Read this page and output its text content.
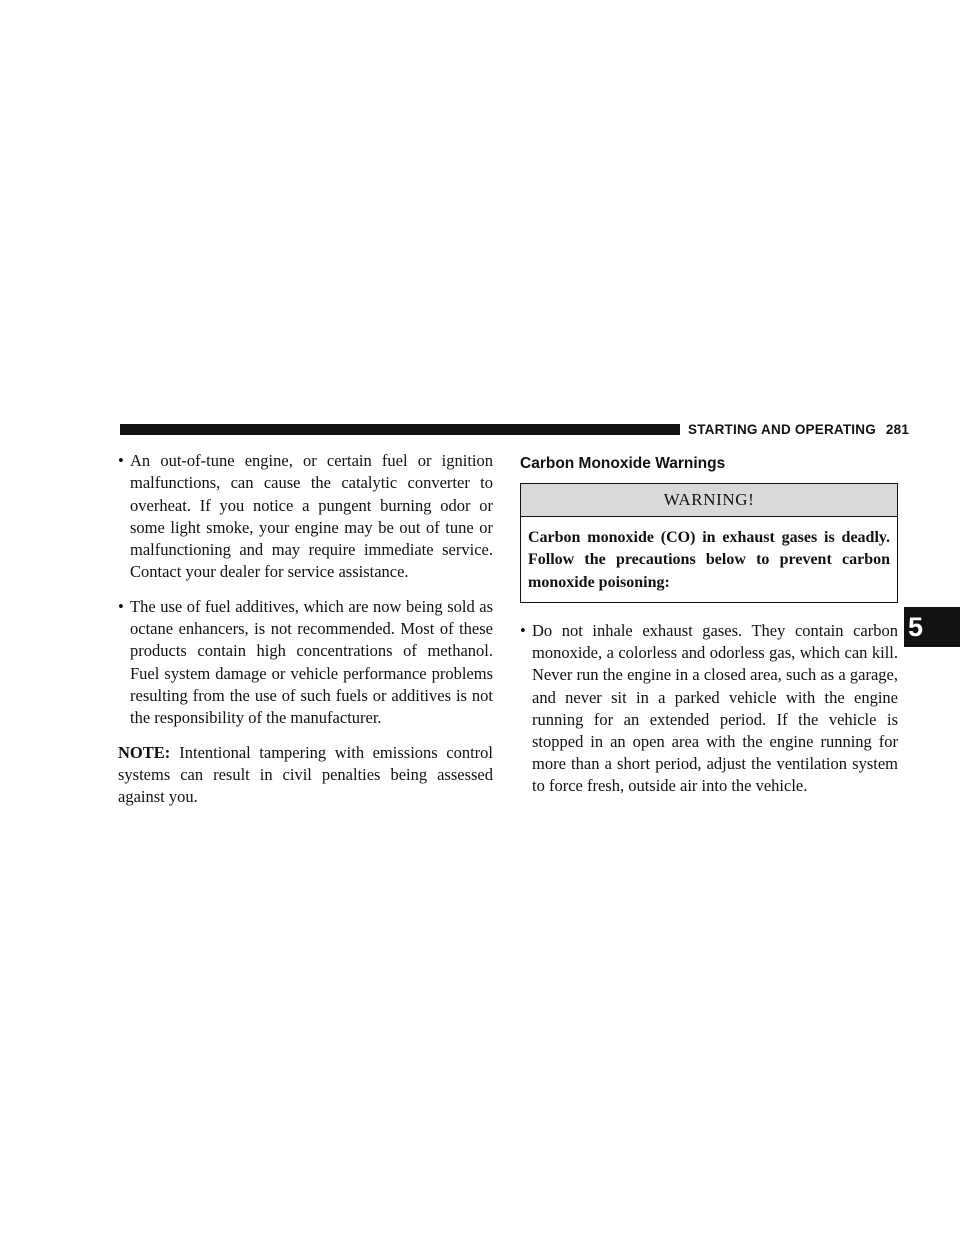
STARTING AND OPERATING 281
• An out-of-tune engine, or certain fuel or ignition malfunctions, can cause the catalytic converter to overheat. If you notice a pungent burning odor or some light smoke, your engine may be out of tune or malfunctioning and may require immediate service. Contact your dealer for service assistance.
• The use of fuel additives, which are now being sold as octane enhancers, is not recommended. Most of these products contain high concentrations of methanol. Fuel system damage or vehicle performance problems resulting from the use of such fuels or additives is not the responsibility of the manufacturer.
NOTE: Intentional tampering with emissions control systems can result in civil penalties being assessed against you.
Carbon Monoxide Warnings
WARNING!
Carbon monoxide (CO) in exhaust gases is deadly. Follow the precautions below to prevent carbon monoxide poisoning:
• Do not inhale exhaust gases. They contain carbon monoxide, a colorless and odorless gas, which can kill. Never run the engine in a closed area, such as a garage, and never sit in a parked vehicle with the engine running for an extended period. If the vehicle is stopped in an open area with the engine running for more than a short period, adjust the ventilation system to force fresh, outside air into the vehicle.
5
